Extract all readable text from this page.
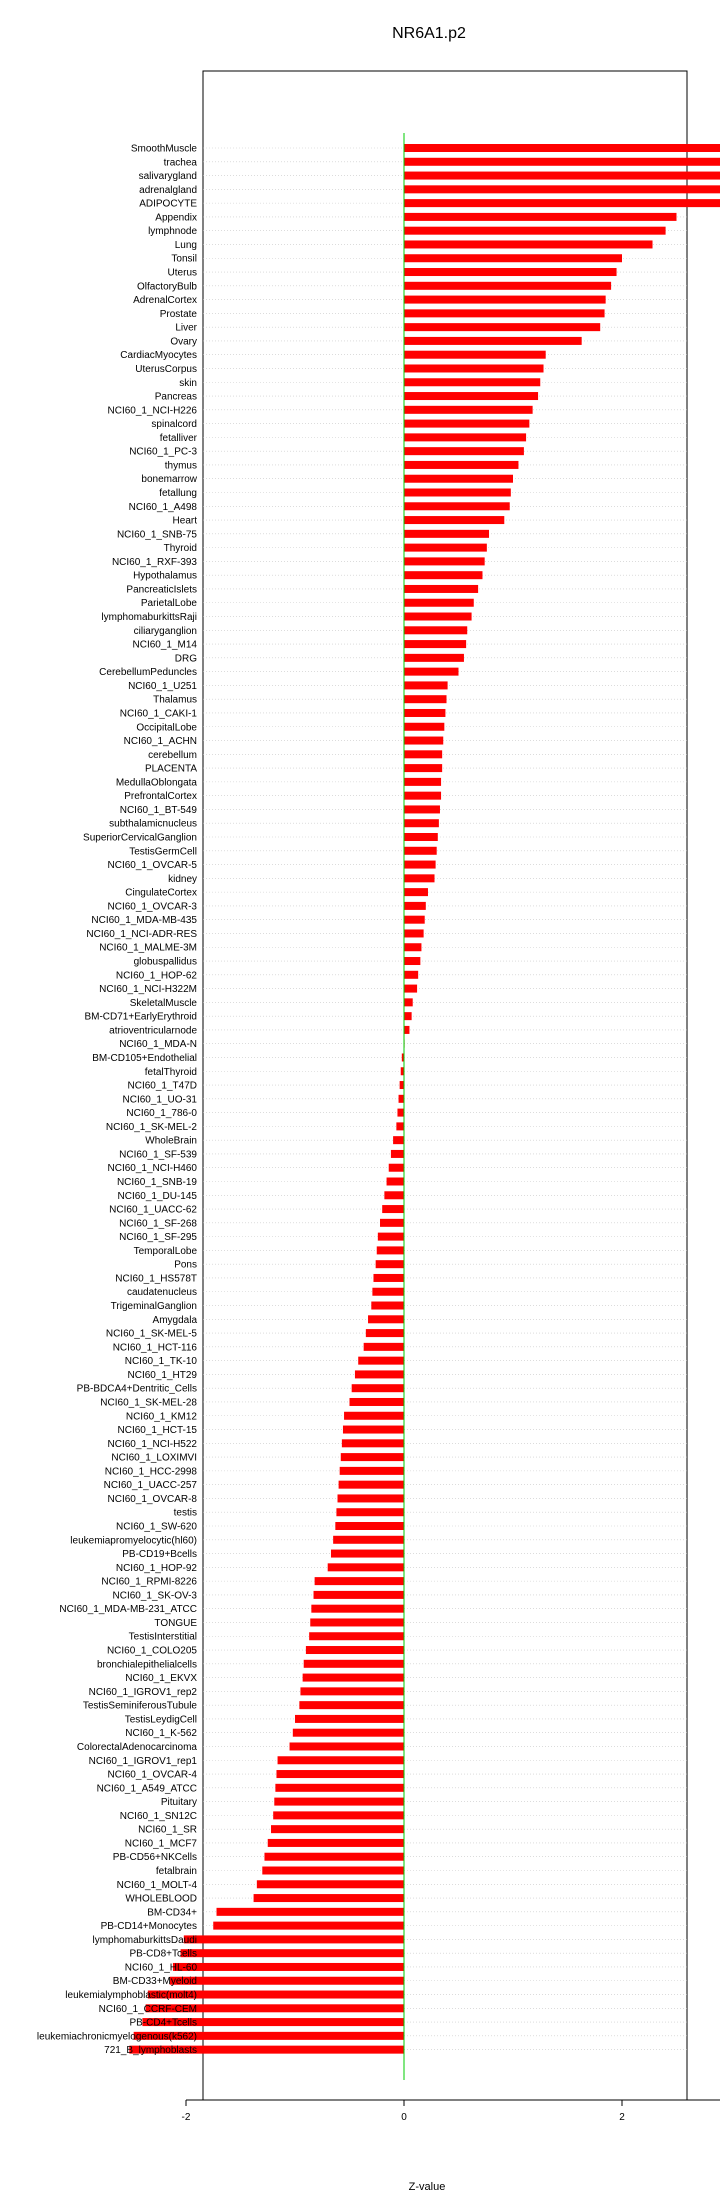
NR6A1.p2
SmoothMuscle
trachea
salivarygland
adrenalgland
ADIPOCYTE
Appendix
lymphnode
Lung
Tonsil
Uterus
OlfactoryBulb
AdrenalCortex
Prostate
Liver
Ovary
CardiacMyocytes
UterusCorpus
skin
Pancreas
NCI60_1_NCI-H226
spinalcord
fetalliver
NCI60_1_PC-3
thymus
bonemarrow
fetallung
NCI60_1_A498
Heart
NCI60_1_SNB-75
Thyroid
NCI60_1_RXF-393
Hypothalamus
PancreaticIslets
ParietalLobe
lymphomaburkittsRaji
ciliaryganglion
NCI60_1_M14
DRG
CerebellumPeduncles
NCI60_1_U251
Thalamus
NCI60_1_CAKI-1
OccipitalLobe
NCI60_1_ACHN
cerebellum
PLACENTA
MedullaOblongata
PrefrontalCortex
NCI60_1_BT-549
subthalamicnucleus
SuperiorCervicalGanglion
TestisGermCell
NCI60_1_OVCAR-5
kidney
CingulateCortex
NCI60_1_OVCAR-3
NCI60_1_MDA-MB-435
NCI60_1_NCI-ADR-RES
NCI60_1_MALME-3M
globuspallidus
NCI60_1_HOP-62
NCI60_1_NCI-H322M
SkeletalMuscle
BM-CD71+EarlyErythroid
atrioventricularnode
NCI60_1_MDA-N
BM-CD105+Endothelial
fetalThyroid
NCI60_1_T47D
NCI60_1_UO-31
NCI60_1_786-0
NCI60_1_SK-MEL-2
WholeBrain
NCI60_1_SF-539
NCI60_1_NCI-H460
NCI60_1_SNB-19
NCI60_1_DU-145
NCI60_1_UACC-62
NCI60_1_SF-268
NCI60_1_SF-295
TemporalLobe
Pons
NCI60_1_HS578T
caudatenucleus
TrigeminalGanglion
Amygdala
NCI60_1_SK-MEL-5
NCI60_1_HCT-116
NCI60_1_TK-10
NCI60_1_HT29
PB-BDCA4+Dentritic_Cells
NCI60_1_SK-MEL-28
NCI60_1_KM12
NCI60_1_HCT-15
NCI60_1_NCI-H522
NCI60_1_LOXIMVI
NCI60_1_HCC-2998
NCI60_1_UACC-257
NCI60_1_OVCAR-8
testis
NCI60_1_SW-620
leukemiapromyelocytic(hl60)
PB-CD19+Bcells
NCI60_1_HOP-92
NCI60_1_RPMI-8226
NCI60_1_SK-OV-3
NCI60_1_MDA-MB-231_ATCC
TONGUE
TestisInterstitial
NCI60_1_COLO205
bronchialepithelialcells
NCI60_1_EKVX
NCI60_1_IGROV1_rep2
TestisSeminiferousTubule
TestisLeydigCell
NCI60_1_K-562
ColorectalAdenocarcinoma
NCI60_1_IGROV1_rep1
NCI60_1_OVCAR-4
NCI60_1_A549_ATCC
Pituitary
NCI60_1_SN12C
NCI60_1_SR
NCI60_1_MCF7
PB-CD56+NKCells
fetalbrain
NCI60_1_MOLT-4
WHOLEBLOOD
BM-CD34+
PB-CD14+Monocytes
lymphomaburkittsDaudi
PB-CD8+Tcells
NCI60_1_HL-60
BM-CD33+Myeloid
leukemialymphoblastic(molt4)
NCI60_1_CCRF-CEM
PB-CD4+Tcells
leukemiachronicmyelogenous(k562)
721_B_lymphoblasts
-2	0	2
Z-value
